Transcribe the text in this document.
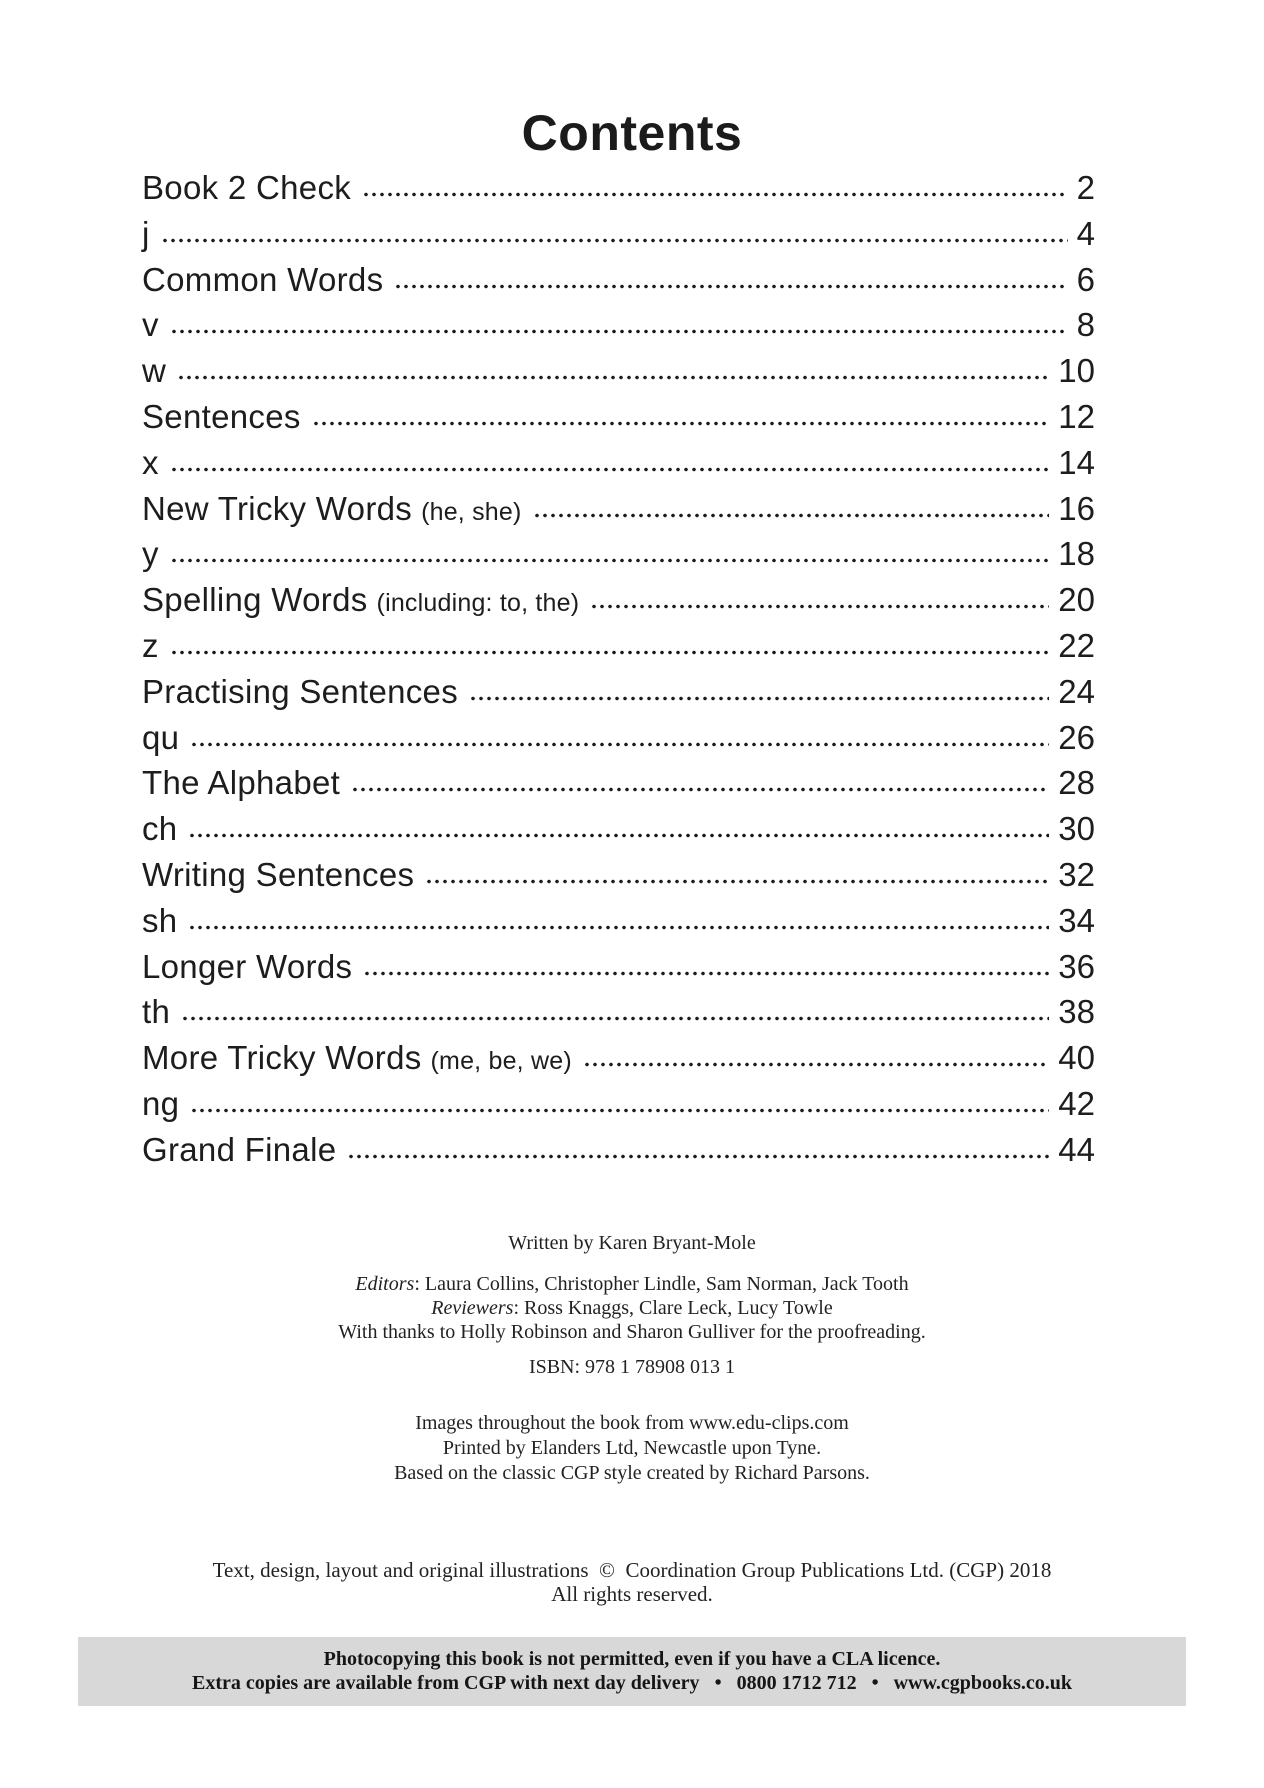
Contents
Book 2 Check	2
j	4
Common Words	6
v	8
w	10
Sentences	12
x	14
New Tricky Words (he, she)	16
y	18
Spelling Words (including: to, the)	20
z	22
Practising Sentences	24
qu	26
The Alphabet	28
ch	30
Writing Sentences	32
sh	34
Longer Words	36
th	38
More Tricky Words (me, be, we)	40
ng	42
Grand Finale	44
Written by Karen Bryant-Mole
Editors: Laura Collins, Christopher Lindle, Sam Norman, Jack Tooth
Reviewers: Ross Knaggs, Clare Leck, Lucy Towle
With thanks to Holly Robinson and Sharon Gulliver for the proofreading.
ISBN: 978 1 78908 013 1
Images throughout the book from www.edu-clips.com
Printed by Elanders Ltd, Newcastle upon Tyne.
Based on the classic CGP style created by Richard Parsons.
Text, design, layout and original illustrations  ©  Coordination Group Publications Ltd. (CGP) 2018
All rights reserved.
Photocopying this book is not permitted, even if you have a CLA licence.
Extra copies are available from CGP with next day delivery • 0800 1712 712 • www.cgpbooks.co.uk
